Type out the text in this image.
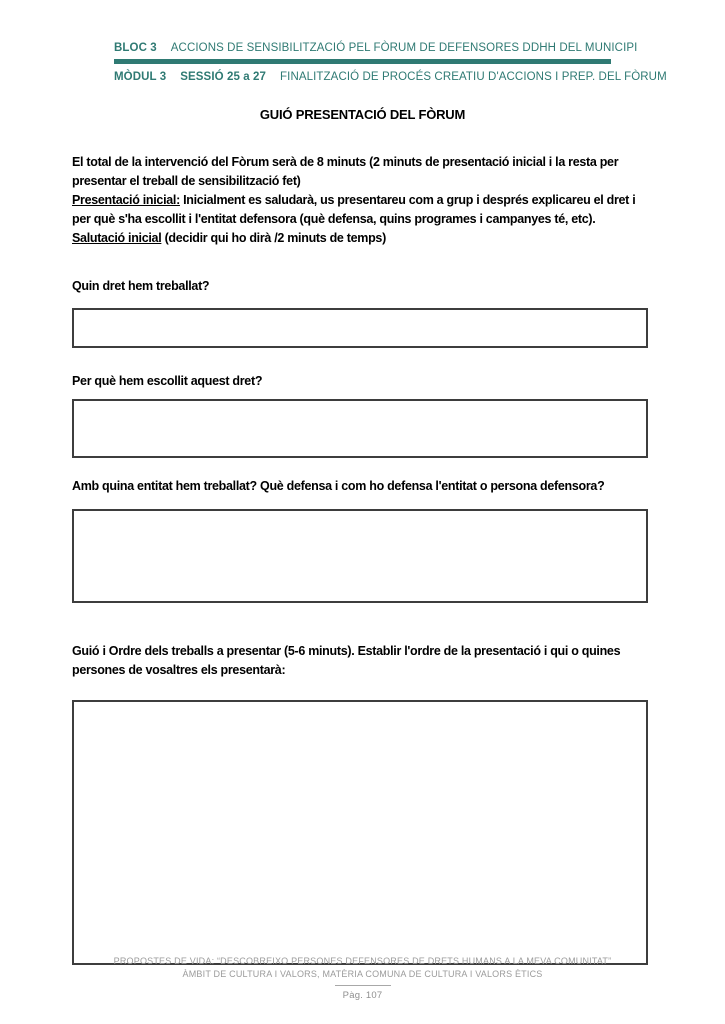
BLOC 3 ACCIONS DE SENSIBILITZACIÓ PEL FÒRUM DE DEFENSORES DDHH DEL MUNICIPI
MÒDUL 3 SESSIÓ 25 a 27 FINALITZACIÓ DE PROCÉS CREATIU D'ACCIONS I PREP. DEL FÒRUM
GUIÓ PRESENTACIÓ DEL FÒRUM

El total de la intervenció del Fòrum serà de 8 minuts (2 minuts de presentació inicial i la resta per presentar el treball de sensibilització fet)

Presentació inicial: Inicialment es saludarà, us presentareu com a grup i després explicareu el dret i per què s'ha escollit i l'entitat defensora (què defensa, quins programes i campanyes té, etc).

Salutació inicial (decidir qui ho dirà /2 minuts de temps)

Quin dret hem treballat?
Per què hem escollit aquest dret?
Amb quina entitat hem treballat? Què defensa i com ho defensa l'entitat o persona defensora?
Guió i Ordre dels treballs a presentar (5-6 minuts). Establir l'ordre de la presentació i qui o quines persones de vosaltres els presentarà:
PROPOSTES DE VIDA: “DESCOBREIXO PERSONES DEFENSORES DE DRETS HUMANS A LA MEVA COMUNITAT”
ÀMBIT DE CULTURA I VALORS, MATÈRIA COMUNA DE CULTURA I VALORS ÈTICS
Pàg. 107
